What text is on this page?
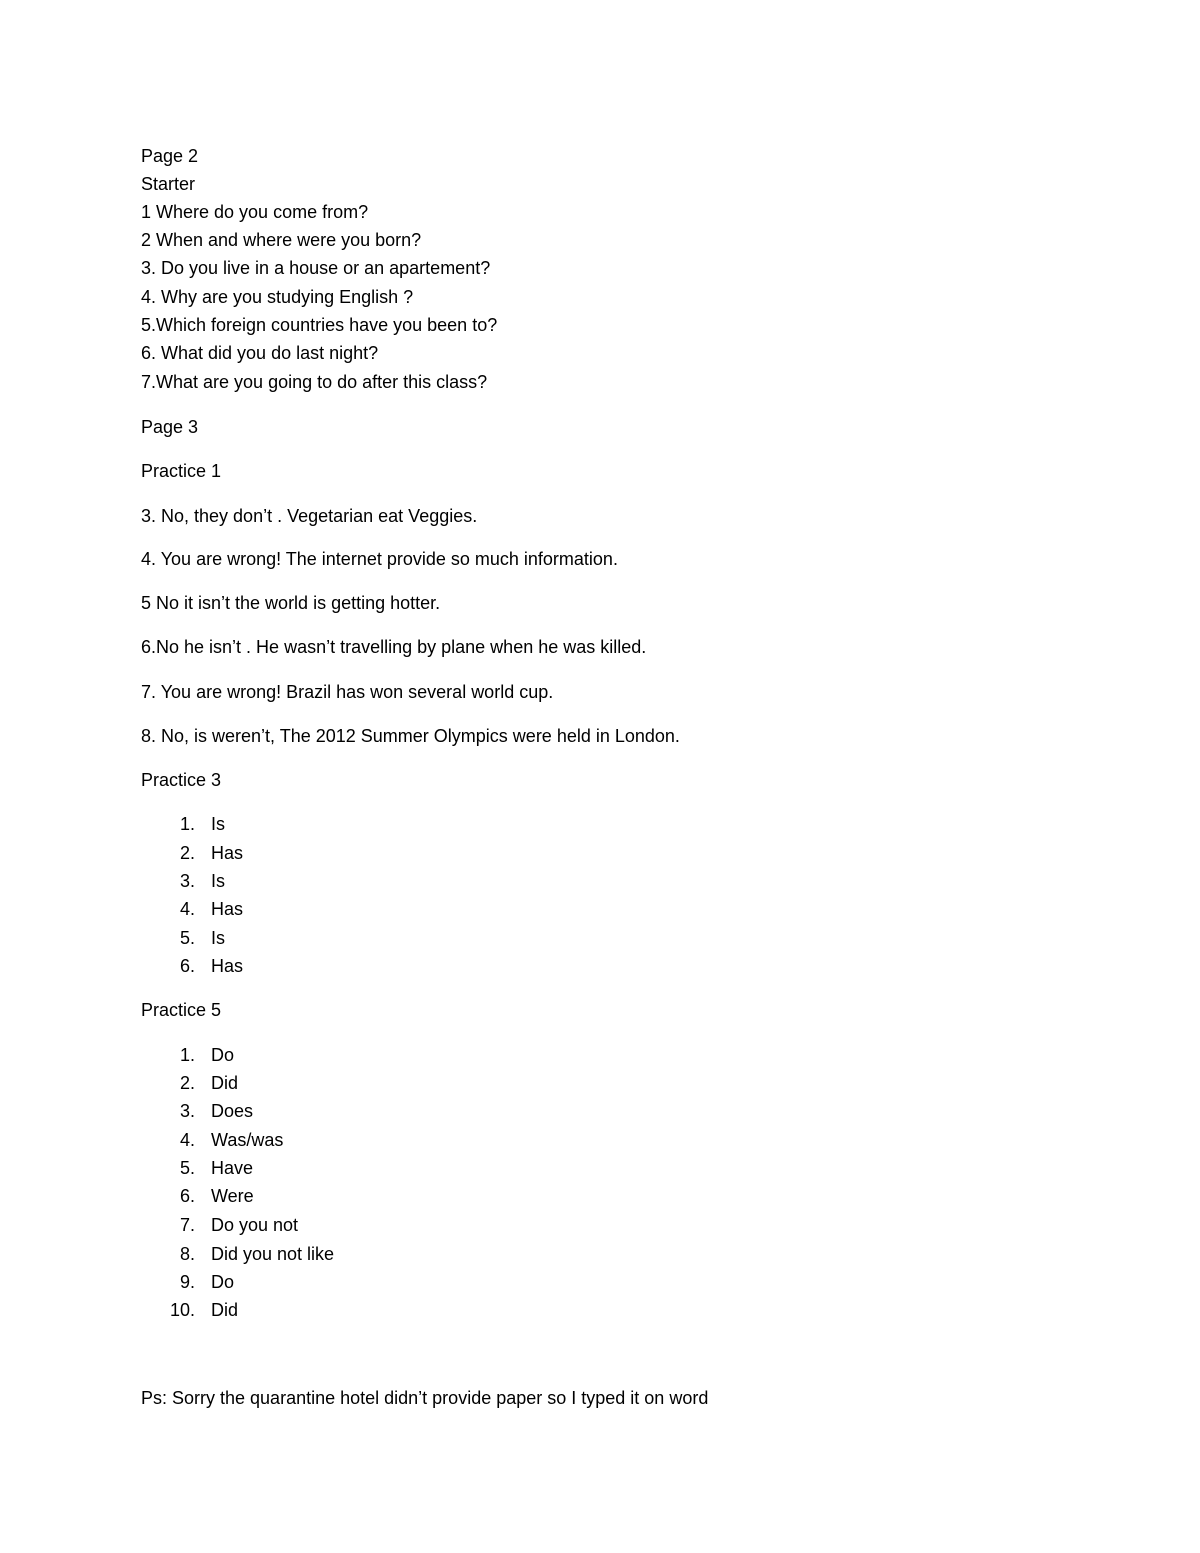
Page 2
Starter
1 Where do you come from?
2 When and where were you born?
3. Do you live in a house or an apartement?
4. Why are you studying English ?
5.Which foreign countries have you been to?
6. What did you do last night?
7.What are you going to do after this class?
Page 3
Practice 1
3. No, they don’t . Vegetarian eat Veggies.
4. You are wrong! The internet provide so much information.
5 No it isn’t the world is getting hotter.
6.No he isn’t . He wasn’t travelling by plane when he was killed.
7. You are wrong! Brazil has won several world cup.
8. No, is weren’t, The 2012 Summer Olympics were held in London.
Practice 3
1. Is
2. Has
3. Is
4. Has
5. Is
6. Has
Practice 5
1. Do
2. Did
3. Does
4. Was/was
5. Have
6. Were
7. Do you not
8. Did you not like
9. Do
10. Did
Ps: Sorry the quarantine hotel didn’t provide paper so I typed it on word
